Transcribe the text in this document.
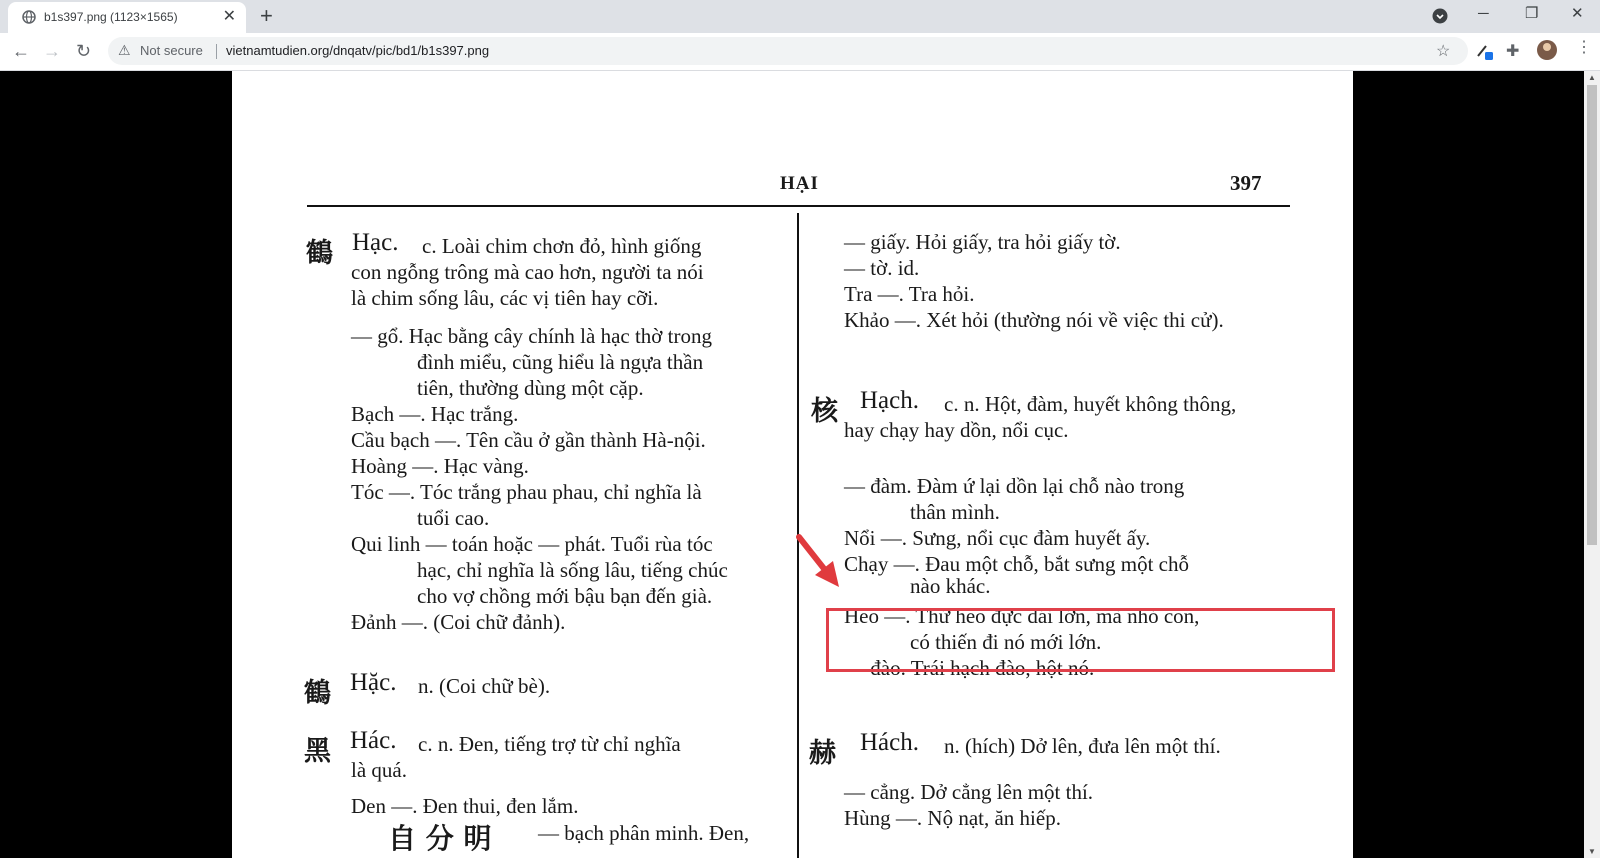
b1s397.png (1123×1565)	✕ +	─ ❐ ✕
← → ↻ ⚠ Not secure vietnamtudien.org/dnqatv/pic/bd1/b1s397.png	☆	✚	⋮
HẠI	397
鶴 Hạc. c. Loài chim chơn đỏ, hình giống
con ngỗng trông mà cao hơn, người ta nói
là chim sống lâu, các vị tiên hay cỡi.
— gổ. Hạc bằng cây chính là hạc thờ trong
đình miểu, cũng hiểu là ngựa thần
tiên, thường dùng một cặp.
Bạch —. Hạc trắng.
Cầu bạch —. Tên cầu ở gần thành Hà-nội.
Hoàng —. Hạc vàng.
Tóc —. Tóc trắng phau phau, chỉ nghĩa là
tuổi cao.
Qui linh — toán hoặc — phát. Tuổi rùa tóc
hạc, chỉ nghĩa là sống lâu, tiếng chúc
cho vợ chồng mới bậu bạn đến già.
Đảnh —. (Coi chữ đảnh).
鶴 Hặc. n. (Coi chữ bè).
黑 Hác. c. n. Đen, tiếng trợ từ chỉ nghĩa
là quá.
Den —. Đen thui, đen lắm.
自 分 明 — bạch phân minh. Đen,
— giấy. Hỏi giấy, tra hỏi giấy tờ.
— tờ. id.
Tra —. Tra hỏi.
Khảo —. Xét hỏi (thường nói về việc thi cử).
核 Hạch. c. n. Hột, đàm, huyết không thông,
hay chạy hay dồn, nổi cục.
— đàm. Đàm ứ lại dồn lại chỗ nào trong
thân mình.
Nổi —. Sưng, nổi cục đàm huyết ấy.
Chạy —. Đau một chỗ, bắt sưng một chỗ
nào khác.
Heo —. Thứ heo đực dái lớn, mà nhỏ con,
có thiến đi nó mới lớn.
— đào. Trái hạch đào, hột nó.
赫 Hách. n. (hích) Dở lên, đưa lên một thí.
— cẳng. Dở cẳng lên một thí.
Hùng —. Nộ nạt, ăn hiếp.
▲
▼
